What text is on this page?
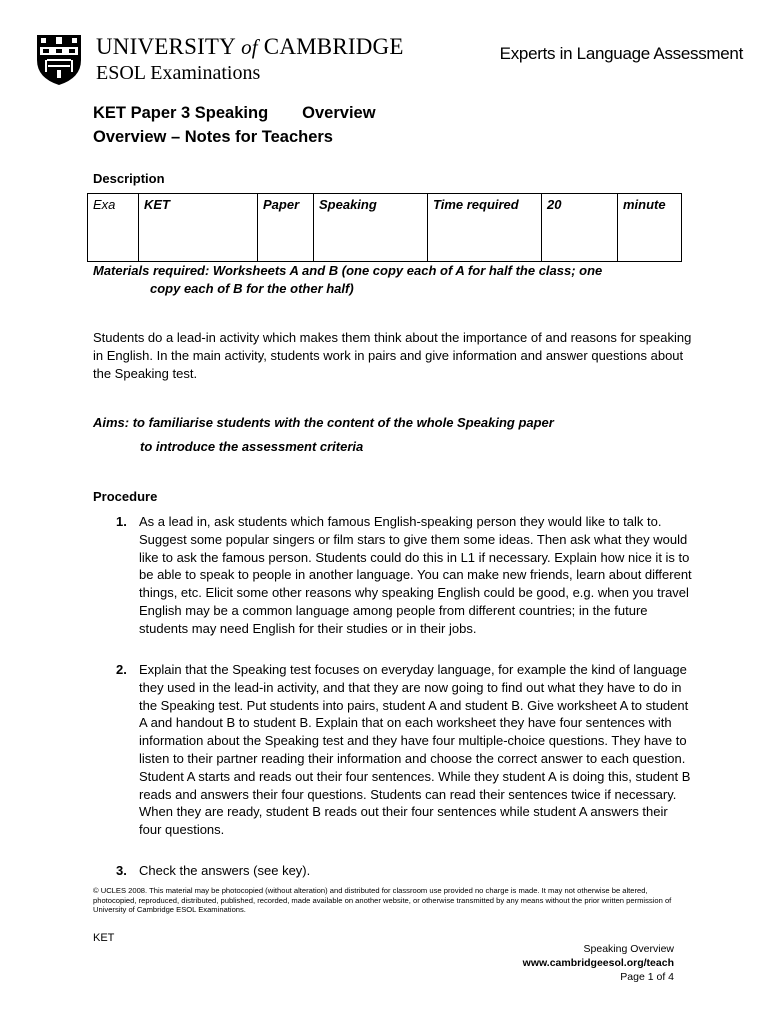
UNIVERSITY of CAMBRIDGE
ESOL Examinations
Experts in Language Assessment
KET Paper 3 Speaking Overview
Overview – Notes for Teachers
Description
Exa	KET	Paper	Speaking	Time required	20	minute
Materials required: Worksheets A and B (one copy each of A for half the class; one
copy each of B for the other half)
Students do a lead-in activity which makes them think about the importance of and reasons for speaking in English. In the main activity, students work in pairs and give information and answer questions about the Speaking test.
Aims: to familiarise students with the content of the whole Speaking paper
to introduce the assessment criteria
Procedure
1. As a lead in, ask students which famous English-speaking person they would like to talk to. Suggest some popular singers or film stars to give them some ideas. Then ask what they would like to ask the famous person. Students could do this in L1 if necessary. Explain how nice it is to be able to speak to people in another language. You can make new friends, learn about different things, etc. Elicit some other reasons why speaking English could be good, e.g. when you travel English may be a common language among people from different countries; in the future students may need English for their studies or in their jobs.
2. Explain that the Speaking test focuses on everyday language, for example the kind of language they used in the lead-in activity, and that they are now going to find out what they have to do in the Speaking test. Put students into pairs, student A and student B. Give worksheet A to student A and handout B to student B. Explain that on each worksheet they have four sentences with information about the Speaking test and they have four multiple-choice questions. They have to listen to their partner reading their information and choose the correct answer to each question. Student A starts and reads out their four sentences. While they student A is doing this, student B reads and answers their four questions. Students can read their sentences twice if necessary. When they are ready, student B reads out their four sentences while student A answers their four questions.
3. Check the answers (see key).
© UCLES 2008. This material may be photocopied (without alteration) and distributed for classroom use provided no charge is made. It may not otherwise be altered, photocopied, reproduced, distributed, published, recorded, made available on another website, or otherwise transmitted by any means without the prior written permission of University of Cambridge ESOL Examinations.
KET
Speaking Overview
www.cambridgeesol.org/teach
Page 1 of 4
